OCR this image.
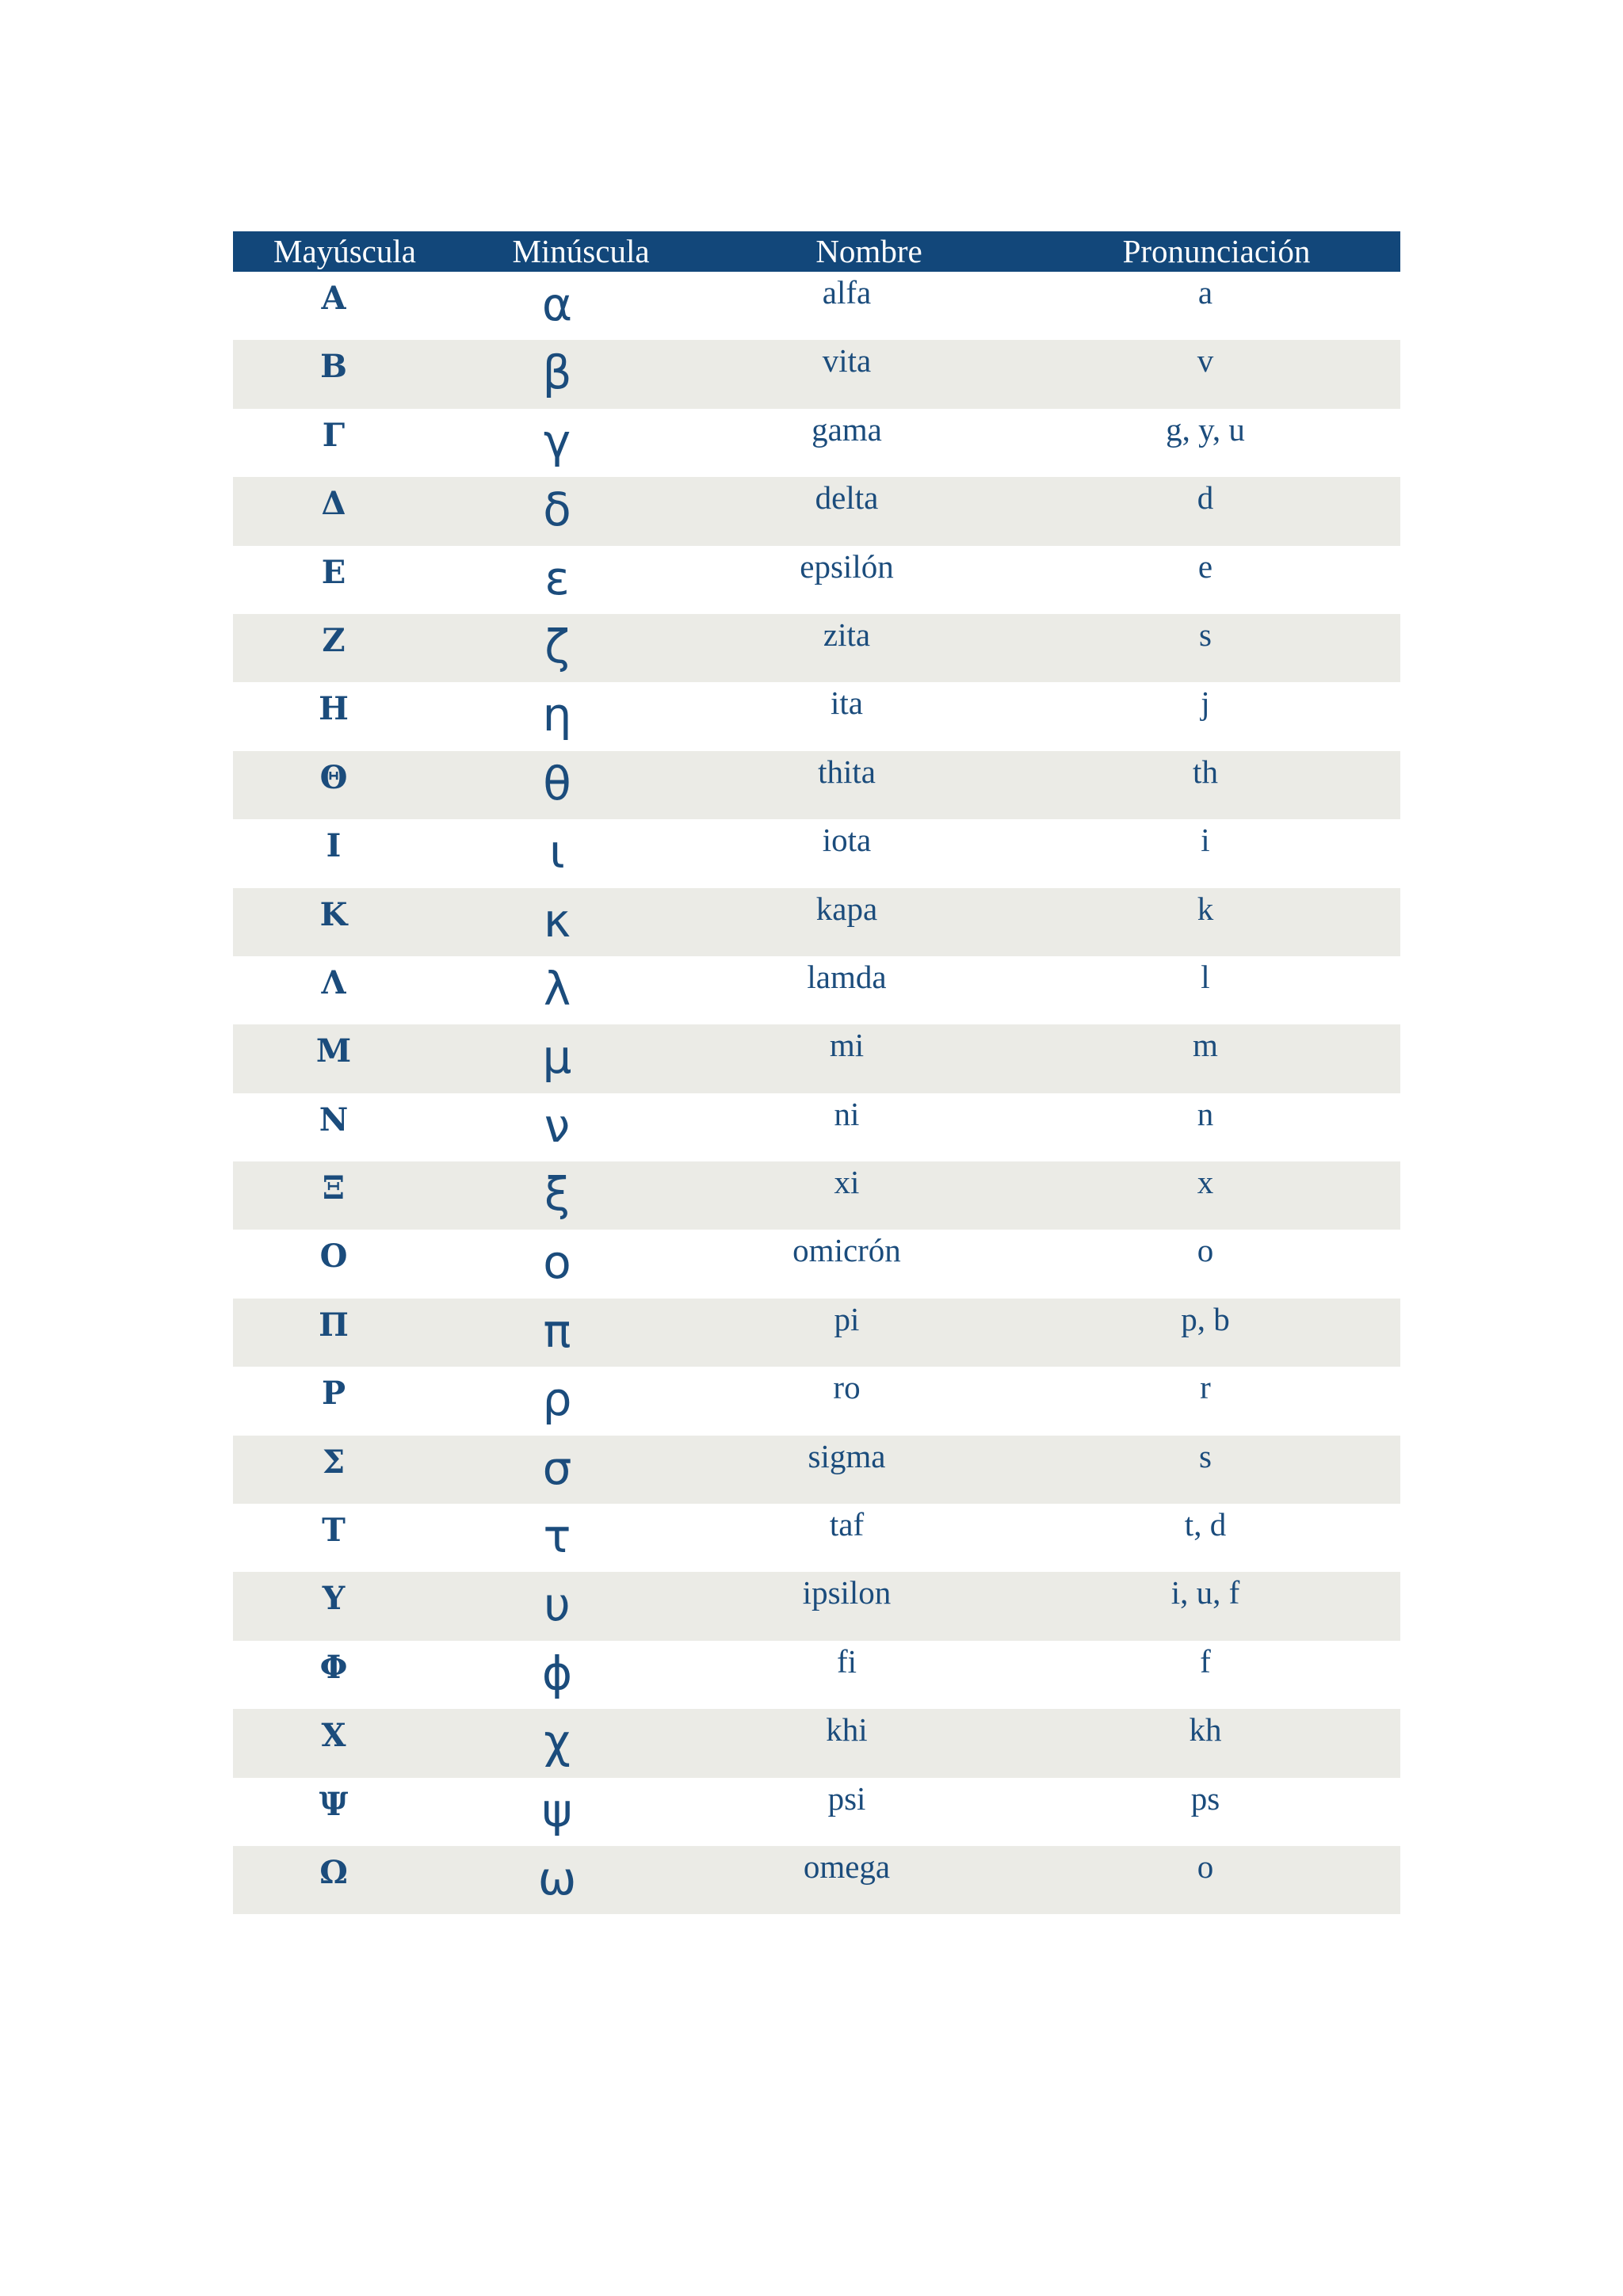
Mayúscula	Minúscula	Nombre	Pronunciación
Α	α	alfa	a
Β	β	vita	v
Γ	γ	gama	g, y, u
Δ	δ	delta	d
Ε	ε	epsilón	e
Ζ	ζ	zita	s
Η	η	ita	j
Θ	θ	thita	th
Ι	ι	iota	i
Κ	κ	kapa	k
Λ	λ	lamda	l
Μ	μ	mi	m
Ν	ν	ni	n
Ξ	ξ	xi	x
Ο	ο	omicrón	o
Π	π	pi	p, b
Ρ	ρ	ro	r
Σ	σ	sigma	s
Τ	τ	taf	t, d
Υ	υ	ipsilon	i, u, f
Φ	ϕ	fi	f
Χ	χ	khi	kh
Ψ	ψ	psi	ps
Ω	ω	omega	o
